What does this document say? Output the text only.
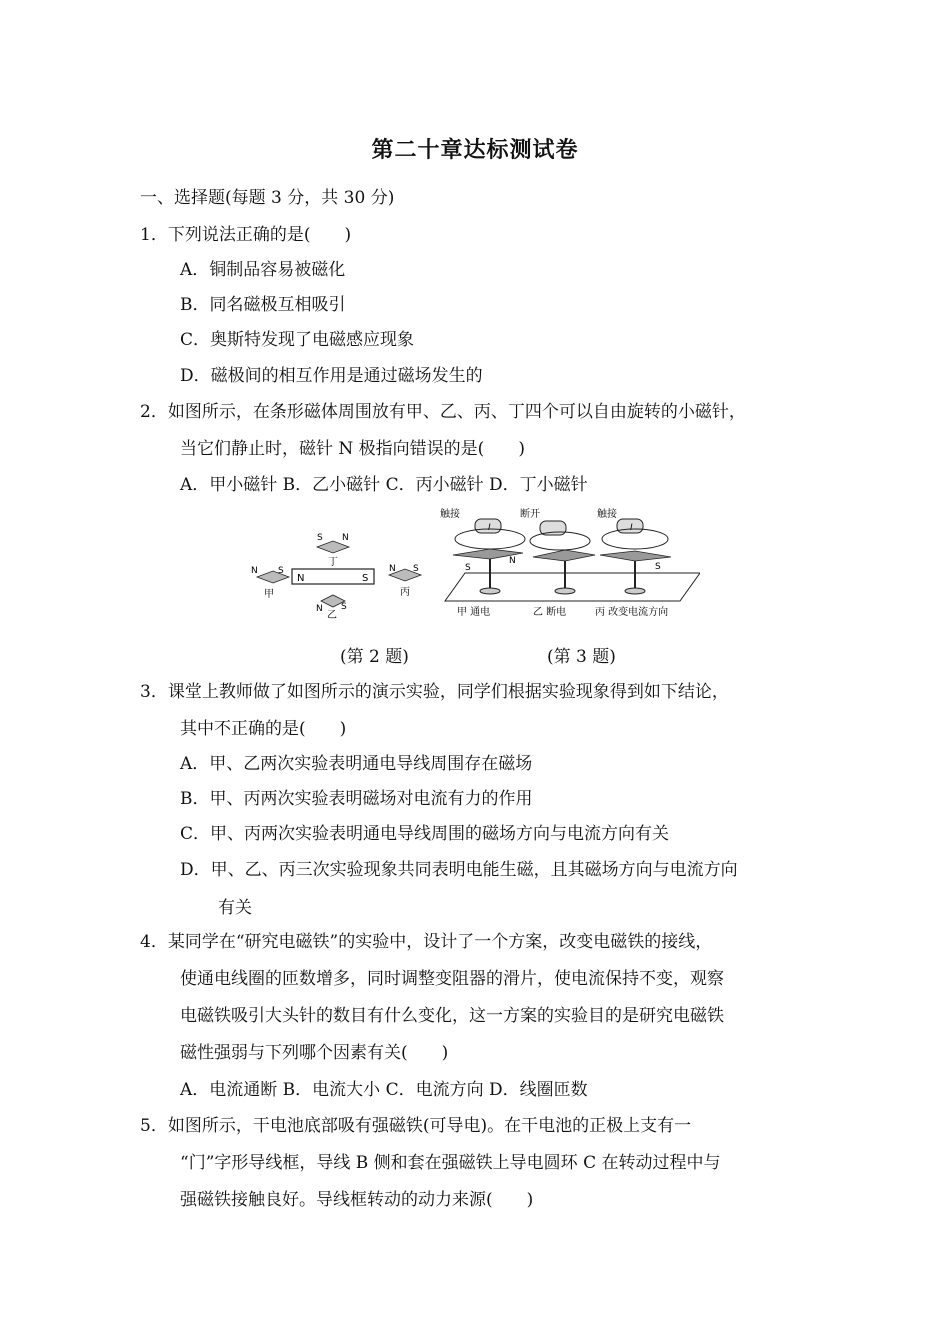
第二十章达标测试卷
一、选择题(每题 3 分，共 30 分)
1．下列说法正确的是(　　)
A．铜制品容易被磁化
B．同名磁极互相吸引
C．奥斯特发现了电磁感应现象
D．磁极间的相互作用是通过磁场发生的
2．如图所示，在条形磁体周围放有甲、乙、丙、丁四个可以自由旋转的小磁针，
当它们静止时，磁针 N 极指向错误的是(　　)
A．甲小磁针 B．乙小磁针 C．丙小磁针 D．丁小磁针
N	S
N S
甲
S N
丁
N S
乙
N S
丙
触接	断开	触接
I
S
N
I
S
甲 通电	乙 断电	丙 改变电流方向
(第 2 题)	(第 3 题)
3．课堂上教师做了如图所示的演示实验，同学们根据实验现象得到如下结论，
其中不正确的是(　　)
A．甲、乙两次实验表明通电导线周围存在磁场
B．甲、丙两次实验表明磁场对电流有力的作用
C．甲、丙两次实验表明通电导线周围的磁场方向与电流方向有关
D．甲、乙、丙三次实验现象共同表明电能生磁，且其磁场方向与电流方向
有关
4．某同学在“研究电磁铁”的实验中，设计了一个方案，改变电磁铁的接线，
使通电线圈的匝数增多，同时调整变阻器的滑片，使电流保持不变，观察
电磁铁吸引大头针的数目有什么变化，这一方案的实验目的是研究电磁铁
磁性强弱与下列哪个因素有关(　　)
A．电流通断 B．电流大小 C．电流方向 D．线圈匝数
5．如图所示，干电池底部吸有强磁铁(可导电)。在干电池的正极上支有一
“门”字形导线框，导线 B 侧和套在强磁铁上导电圆环 C 在转动过程中与
强磁铁接触良好。导线框转动的动力来源(　　)
